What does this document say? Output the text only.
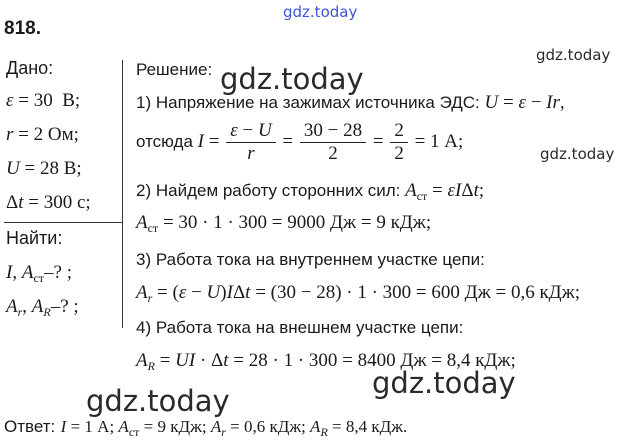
gdz.today
gdz.today
gdz.today
gdz.today
gdz.today
gdz.today
818.
Дано:
ε = 30  В;
r = 2 Ом;
U = 28 В;
Δt = 300 с;
Найти:
I, $A_{ст}-$? ;
$A_r$, $A_R-$? ;
Решение:
1) Напряжение на зажимах источника ЭДС: U = ε − Ir,
отсюда $I = \frac{\varepsilon - U}{r} = \frac{30 - 28}{2} = \frac{2}{2} = 1$ А;
2) Найдем работу сторонних сил: $A_{ст} = \varepsilon I\Delta t$;
$A_{ст} = 30 \cdot 1 \cdot 300 = 9000$ Дж = 9 кДж;
3) Работа тока на внутреннем участке цепи:
$A_r = (\varepsilon - U)I\Delta t = (30 - 28) \cdot 1 \cdot 300 = 600$ Дж = 0,6 кДж;
4) Работа тока на внешнем участке цепи:
$A_R$ = UI · Δt = 28 · 1 · 300 = 8400 Дж = 8,4 кДж;
Ответ: I = 1 А; $A_{ст} = 9$ кДж; $A_r = 0,6$ кДж; $A_R = 8,4$ кДж.
